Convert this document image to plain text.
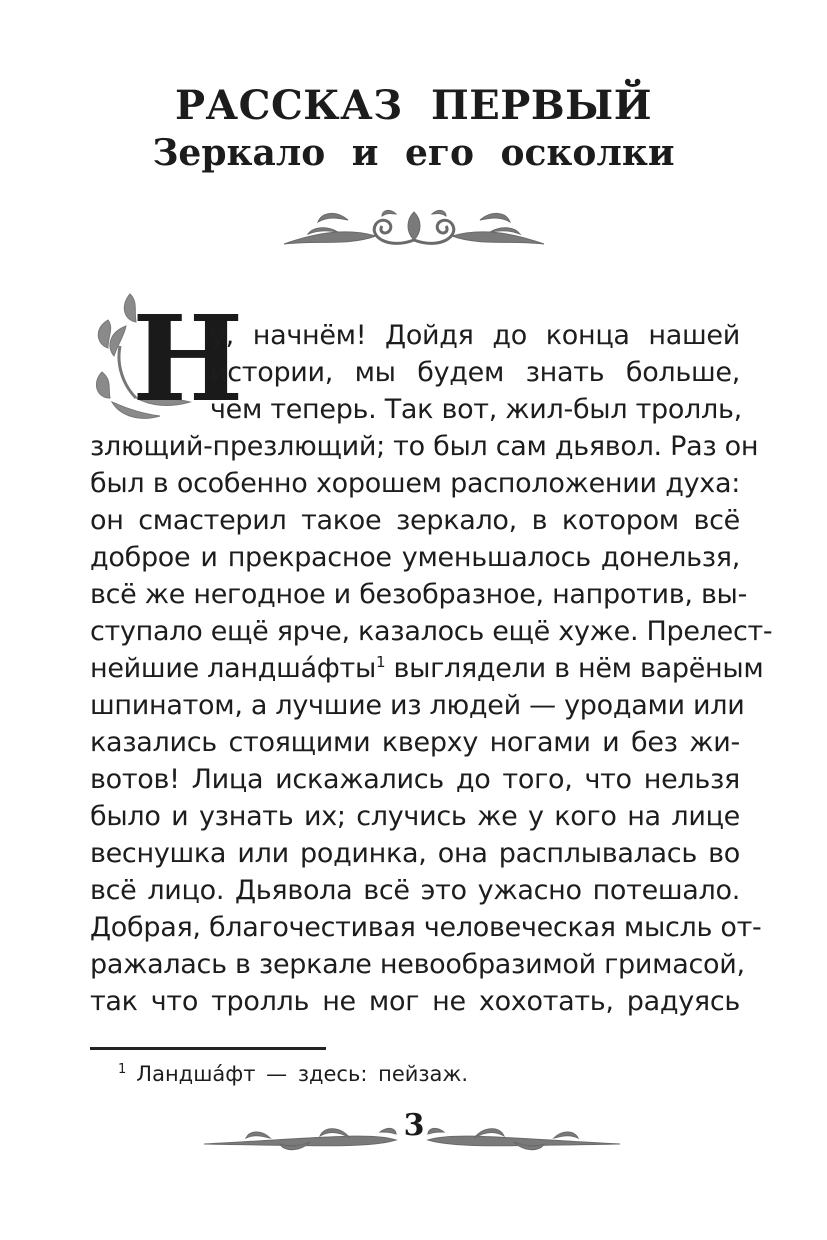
РАССКАЗ ПЕРВЫЙ
Зеркало и его осколки
Н

у, начнём! Дойдя до конца нашей

истории, мы будем знать больше,

чем теперь. Так вот, жил-был тролль,

злющий-презлющий; то был сам дьявол. Раз он

был в особенно хорошем расположении духа:

он смастерил такое зеркало, в котором всё

доброе и прекрасное уменьшалось донельзя,

всё же негодное и безобразное, напротив, вы-

ступало ещё ярче, казалось ещё хуже. Прелест-

нейшие ландша́фты$^1$ выглядели в нём варёным

шпинатом, а лучшие из людей — уродами или

казались стоящими кверху ногами и без жи-

вотов! Лица искажались до того, что нельзя

было и узнать их; случись же у кого на лице

веснушка или родинка, она расплывалась во

всё лицо. Дьявола всё это ужасно потешало.

Добрая, благочестивая человеческая мысль от-

ражалась в зеркале невообразимой гримасой,

так что тролль не мог не хохотать, радуясь

$^1$ Ландша́фт — здесь: пейзаж.

3
